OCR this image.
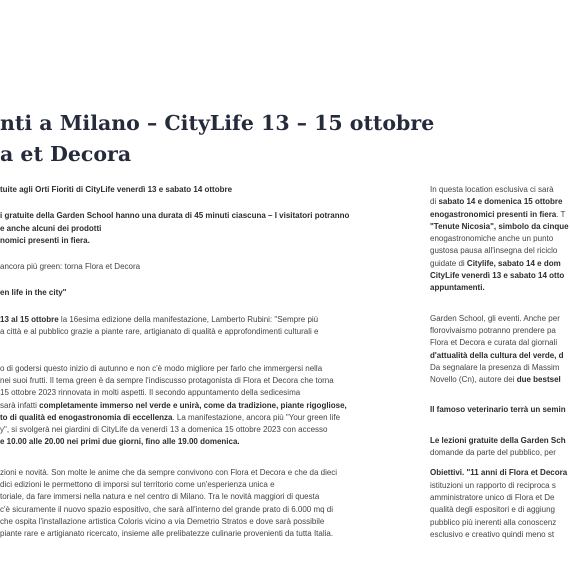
nti a Milano – CityLife 13 – 15 ottobre
a et Decora
tuite agli Orti Fioriti di CityLife venerdì 13 e sabato 14 ottobre
i gratuite della Garden School hanno una durata di 45 minuti ciascuna – I visitatori potranno
e anche alcuni dei prodotti
nomici presenti in fiera.
ancora più green: torna Flora et Decora
en life in the city"
13 al 15 ottobre la 16esima edizione della manifestazione, Lamberto Rubini: "Sempre più
a città e al pubblico grazie a piante rare, artigianato di qualità e approfondimenti culturali e
o di godersi questo inizio di autunno e non c'è modo migliore per farlo che immergersi nella
nei suoi frutti. Il tema green è da sempre l'indiscusso protagonista di Flora et Decora che torna
15 ottobre 2023 rinnovata in molti aspetti. Il secondo appuntamento della sedicesima
sarà infatti completamente immerso nel verde e unirà, come da tradizione, piante rigogliose,
to di qualità ed enogastronomia di eccellenza. La manifestazione, ancora più "Your green life
y", si svolgerà nei giardini di CityLife da venerdì 13 a domenica 15 ottobre 2023 con accesso
e 10.00 alle 20.00 nei primi due giorni, fino alle 19.00 domenica.
zioni e novità. Son molte le anime che da sempre convivono con Flora et Decora e che da dieci
dici edizioni le permettono di imporsi sul territorio come un'esperienza unica e
toriale, da fare immersi nella natura e nel centro di Milano. Tra le novità maggiori di questa
c'è sicuramente il nuovo spazio espositivo, che sarà all'interno del grande prato di 6.000 mq di
che ospita l'installazione artistica Coloris vicino a via Demetrio Stratos e dove sarà possibile
piante rare e artigianato ricercato, insieme alle prelibatezze culinarie provenienti da tutta Italia.
In questa location esclusiva ci sarà
di sabato 14 e domenica 15 ottobre
enogastronomici presenti in fiera. T
"Tenute Nicosia", simbolo da cinque
enogastronomiche anche un punto
gustosa pausa all'insegna del riciclo
guidate di Citylife, sabato 14 e dom
CityLife venerdì 13 e sabato 14 otto
appuntamenti.
Garden School, gli eventi. Anche per
florovivaismo potranno prendere pa
Flora et Decora e curata dal giornali
d'attualità della cultura del verde, d
Da segnalare la presenza di Massim
Novello (Cn), autore dei due bestsel
Il famoso veterinario terrà un semin
Le lezioni gratuite della Garden Sch
domande da parte del pubblico, per
Obiettivi. "11 anni di Flora et Decora
istituzioni un rapporto di reciproca s
amministratore unico di Flora et De
qualità degli espositori e di aggiung
pubblico più inerenti alla conoscenz
esclusivo e creativo quindi meno st
